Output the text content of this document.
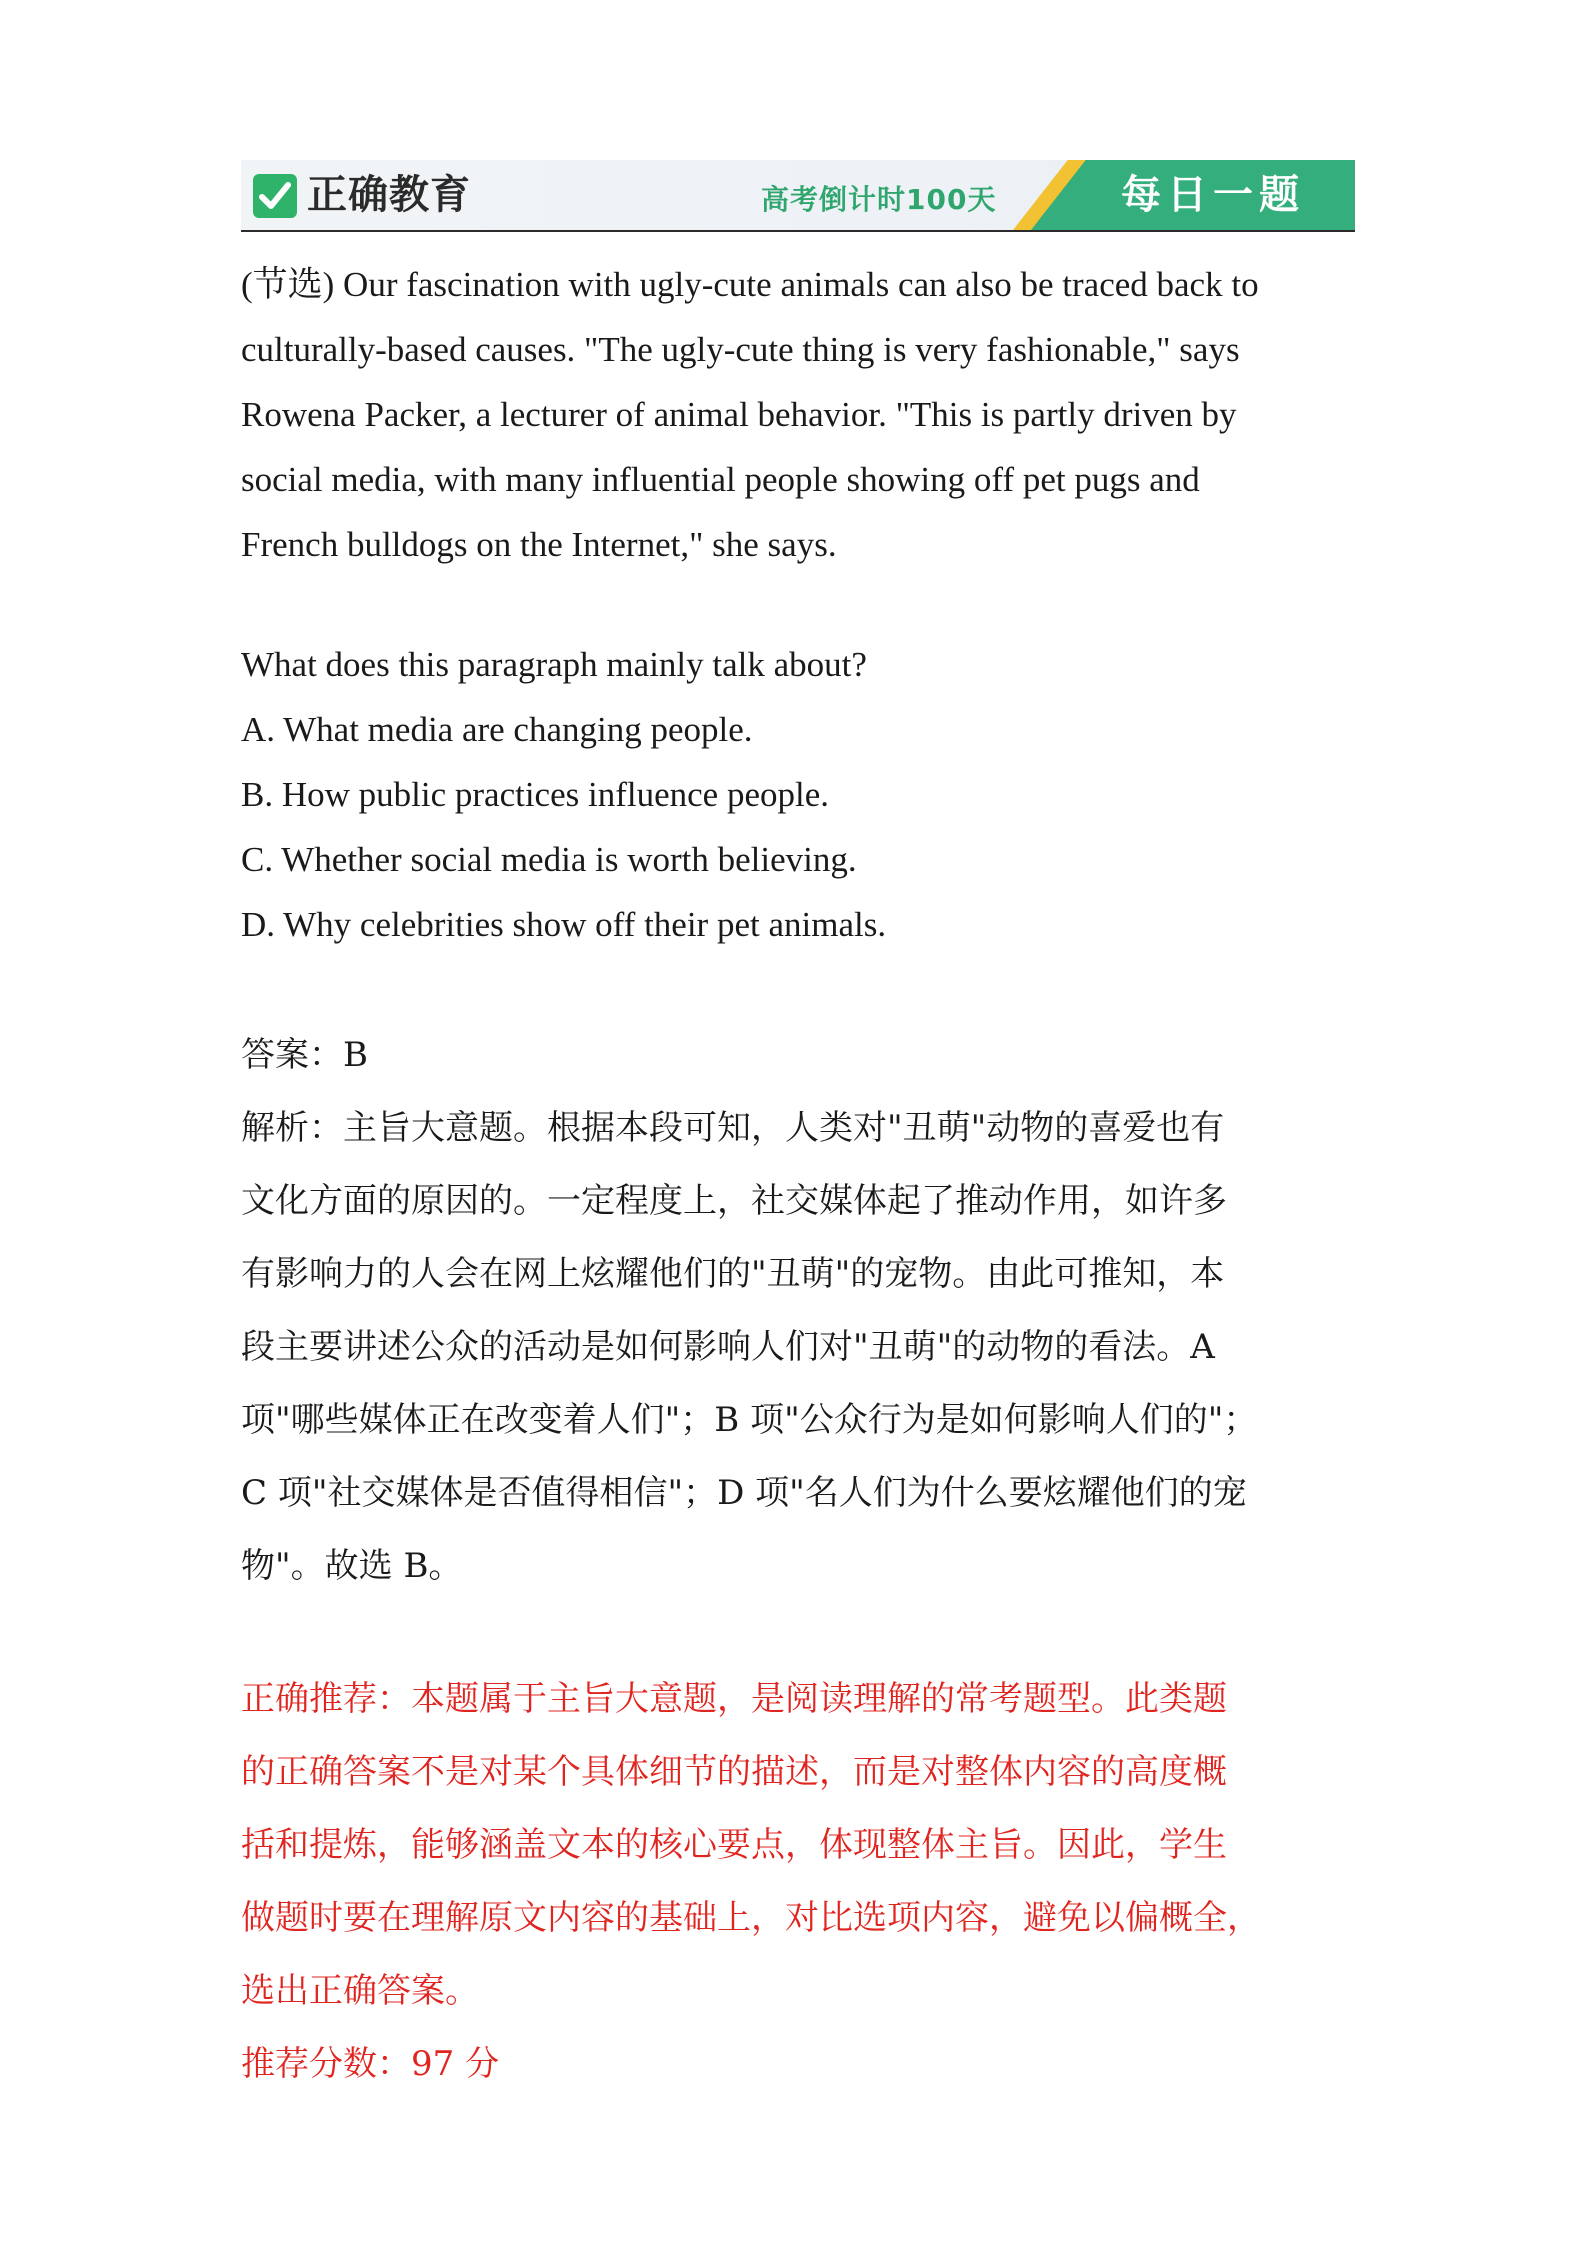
正确教育	高考倒计时100天	每日一题
(节选) Our fascination with ugly-cute animals can also be traced back to
culturally-based causes. "The ugly-cute thing is very fashionable," says
Rowena Packer, a lecturer of animal behavior. "This is partly driven by
social media, with many influential people showing off pet pugs and
French bulldogs on the Internet," she says.
What does this paragraph mainly talk about?
A. What media are changing people.
B. How public practices influence people.
C. Whether social media is worth believing.
D. Why celebrities show off their pet animals.
答案：B
解析：主旨大意题。根据本段可知，人类对"丑萌"动物的喜爱也有
文化方面的原因的。一定程度上，社交媒体起了推动作用，如许多
有影响力的人会在网上炫耀他们的"丑萌"的宠物。由此可推知，本
段主要讲述公众的活动是如何影响人们对"丑萌"的动物的看法。A
项"哪些媒体正在改变着人们"；B 项"公众行为是如何影响人们的"；
C 项"社交媒体是否值得相信"；D 项"名人们为什么要炫耀他们的宠
物"。故选 B。
正确推荐：本题属于主旨大意题，是阅读理解的常考题型。此类题
的正确答案不是对某个具体细节的描述，而是对整体内容的高度概
括和提炼，能够涵盖文本的核心要点，体现整体主旨。因此，学生
做题时要在理解原文内容的基础上，对比选项内容，避免以偏概全，
选出正确答案。
推荐分数：97 分
